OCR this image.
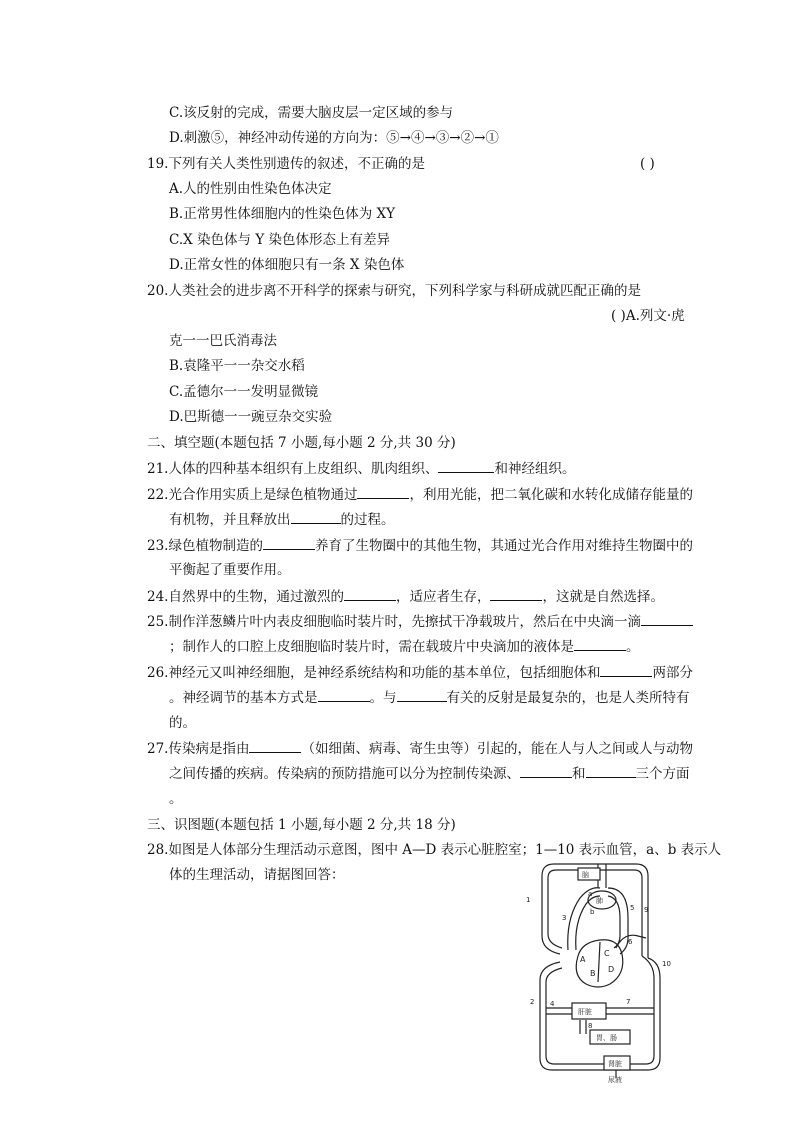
C.该反射的完成，需要大脑皮层一定区域的参与
D.刺激⑤，神经冲动传递的方向为：⑤→④→③→②→①
19.下列有关人类性别遗传的叙述，不正确的是	( )
A.人的性别由性染色体决定
B.正常男性体细胞内的性染色体为 XY
C.X 染色体与 Y 染色体形态上有差异
D.正常女性的体细胞只有一条 X 染色体
20.人类社会的进步离不开科学的探索与研究，下列科学家与科研成就匹配正确的是
( )A.列文·虎
克一一巴氏消毒法
B.袁隆平一一杂交水稻
C.孟德尔一一发明显微镜
D.巴斯德一一豌豆杂交实验
二、填空题(本题包括 7 小题,每小题 2 分,共 30 分)
21.人体的四种基本组织有上皮组织、肌肉组织、	和神经组织。
22.光合作用实质上是绿色植物通过	，利用光能，把二氧化碳和水转化成储存能量的
有机物，并且释放出	的过程。
23.绿色植物制造的	养育了生物圈中的其他生物，其通过光合作用对维持生物圈中的
平衡起了重要作用。
24.自然界中的生物，通过激烈的	，适应者生存，	，这就是自然选择。
25.制作洋葱鳞片叶内表皮细胞临时装片时，先擦拭干净载玻片，然后在中央滴一滴
；制作人的口腔上皮细胞临时装片时，需在载玻片中央滴加的液体是	。
26.神经元又叫神经细胞，是神经系统结构和功能的基本单位，包括细胞体和	两部分
。神经调节的基本方式是	。与	有关的反射是最复杂的，也是人类所特有
的。
27.传染病是指由	（如细菌、病毒、寄生虫等）引起的，能在人与人之间或人与动物
之间传播的疾病。传染病的预防措施可以分为控制传染源、	和	三个方面
。
三、识图题(本题包括 1 小题,每小题 2 分,共 18 分)
28.如图是人体部分生理活动示意图，图中 A—D 表示心脏腔室；1—10 表示血管，a、b 表示人
体的生理活动，请据图回答：	脑
肺
肝脏
胃、肠
肾脏
尿液
A
B
C
D
a
b
1
2
3
4
5
6
7
8
9
10
